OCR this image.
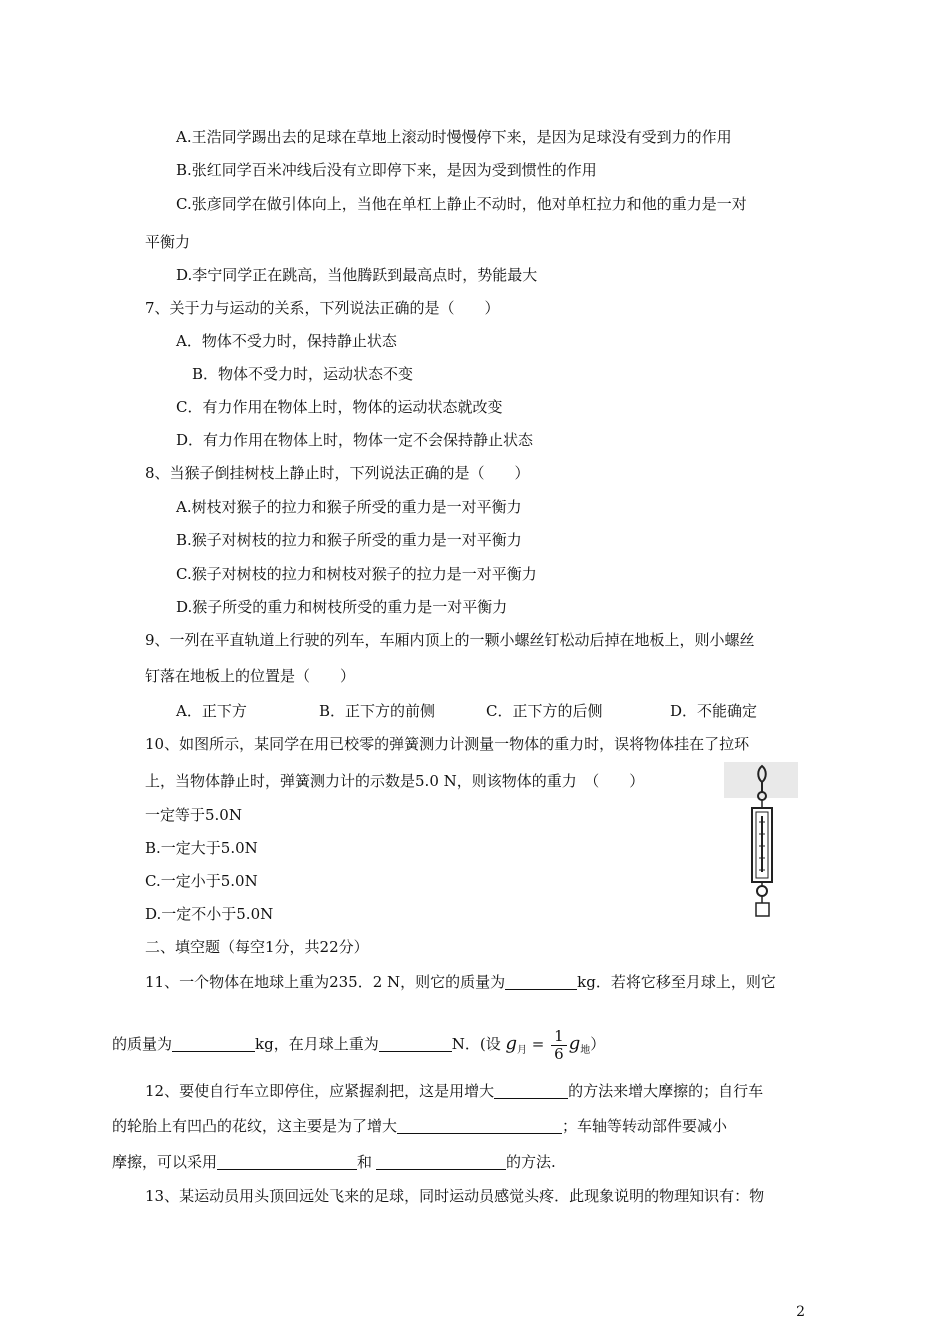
A.王浩同学踢出去的足球在草地上滚动时慢慢停下来，是因为足球没有受到力的作用
B.张红同学百米冲线后没有立即停下来，是因为受到惯性的作用
C.张彦同学在做引体向上，当他在单杠上静止不动时，他对单杠拉力和他的重力是一对
平衡力
D.李宁同学正在跳高，当他腾跃到最高点时，势能最大
7、关于力与运动的关系，下列说法正确的是（　　）
A．物体不受力时，保持静止状态
B．物体不受力时，运动状态不变
C．有力作用在物体上时，物体的运动状态就改变
D．有力作用在物体上时，物体一定不会保持静止状态
8、当猴子倒挂树枝上静止时，下列说法正确的是（　　）
A.树枝对猴子的拉力和猴子所受的重力是一对平衡力
B.猴子对树枝的拉力和猴子所受的重力是一对平衡力
C.猴子对树枝的拉力和树枝对猴子的拉力是一对平衡力
D.猴子所受的重力和树枝所受的重力是一对平衡力
9、一列在平直轨道上行驶的列车，车厢内顶上的一颗小螺丝钉松动后掉在地板上，则小螺丝
钉落在地板上的位置是（　　）
A．正下方	B．正下方的前侧	C．正下方的后侧	D．不能确定
10、如图所示，某同学在用已校零的弹簧测力计测量一物体的重力时，误将物体挂在了拉环
上，当物体静止时，弹簧测力计的示数是5.0 N，则该物体的重力　（　　）
一定等于5.0N
B.一定大于5.0N
C.一定小于5.0N
D.一定不小于5.0N
二、填空题（每空1分，共22分）
11、一个物体在地球上重为235．2 N，则它的质量为	kg．若将它移至月球上，则它
的质量为	kg，在月球上重为	N．(设 $g_月 = \frac{1}{6} g_地$）
12、要使自行车立即停住，应紧握刹把，这是用增大	的方法来增大摩擦的；自行车
的轮胎上有凹凸的花纹，这主要是为了增大	；车轴等转动部件要减小
摩擦，可以采用	和	的方法.
13、某运动员用头顶回远处飞来的足球，同时运动员感觉头疼．此现象说明的物理知识有：物
2
